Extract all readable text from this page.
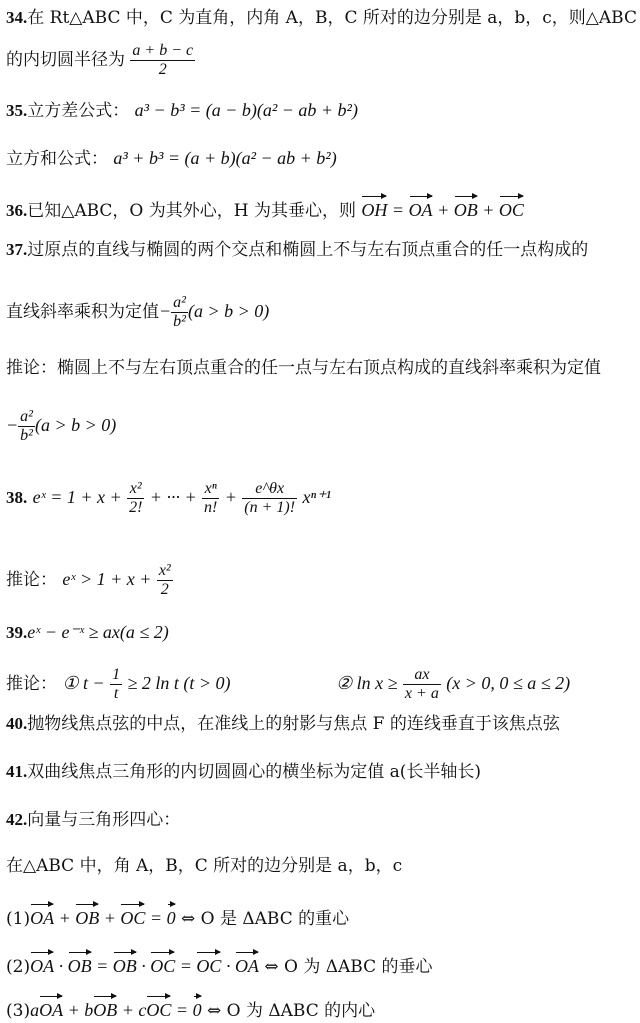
34.在 Rt△ABC 中，C 为直角，内角 A，B，C 所对的边分别是 a，b，c，则△ABC
的内切圆半径为 $\frac{a + b - c}{2}$
35.立方差公式： a³ − b³ = (a − b)(a² − ab + b²)
立方和公式： a³ + b³ = (a + b)(a² − ab + b²)
36.已知△ABC，O 为其外心，H 为其垂心，则 OH = OA + OB + OC
37.过原点的直线与椭圆的两个交点和椭圆上不与左右顶点重合的任一点构成的
直线斜率乘积为定值− $\frac{\text{a²}}{\text{b²}} (a > b > 0)$
推论：椭圆上不与左右顶点重合的任一点与左右顶点构成的直线斜率乘积为定值
− $\frac{\text{a²}}{\text{b²}} (a > b > 0)$
38. eˣ = $1 + x + \frac{\text{x²}}{2!}$ + ··· + $\frac{\text{xⁿ}}{n!} + \frac{e\^{}\theta x}{(n + 1)!} x^{n+1}$
推论： eˣ > $1 + x + \frac{\text{x²}}{2}$
39.eˣ − e⁻ˣ ≥ ax(a ≤ 2)
推论： ① $t - \frac{1}{t} \ge 2$ ln t (t > 0)	② $\ln x \ge \frac{ax}{x + a} (x > 0$, 0 ≤ a ≤ 2)
40.抛物线焦点弦的中点，在准线上的射影与焦点 F 的连线垂直于该焦点弦
41.双曲线焦点三角形的内切圆圆心的横坐标为定值 a(长半轴长)
42.向量与三角形四心：
在△ABC 中，角 A，B，C 所对的边分别是 a，b，c
(1)OA + OB + OC = 0 ⇔ O 是 ΔABC 的重心
(2)OA · OB = OB · OC = OC · OA ⇔ O 为 ΔABC 的垂心
(3)aOA + bOB + cOC = 0 ⇔ O 为 ΔABC 的内心
